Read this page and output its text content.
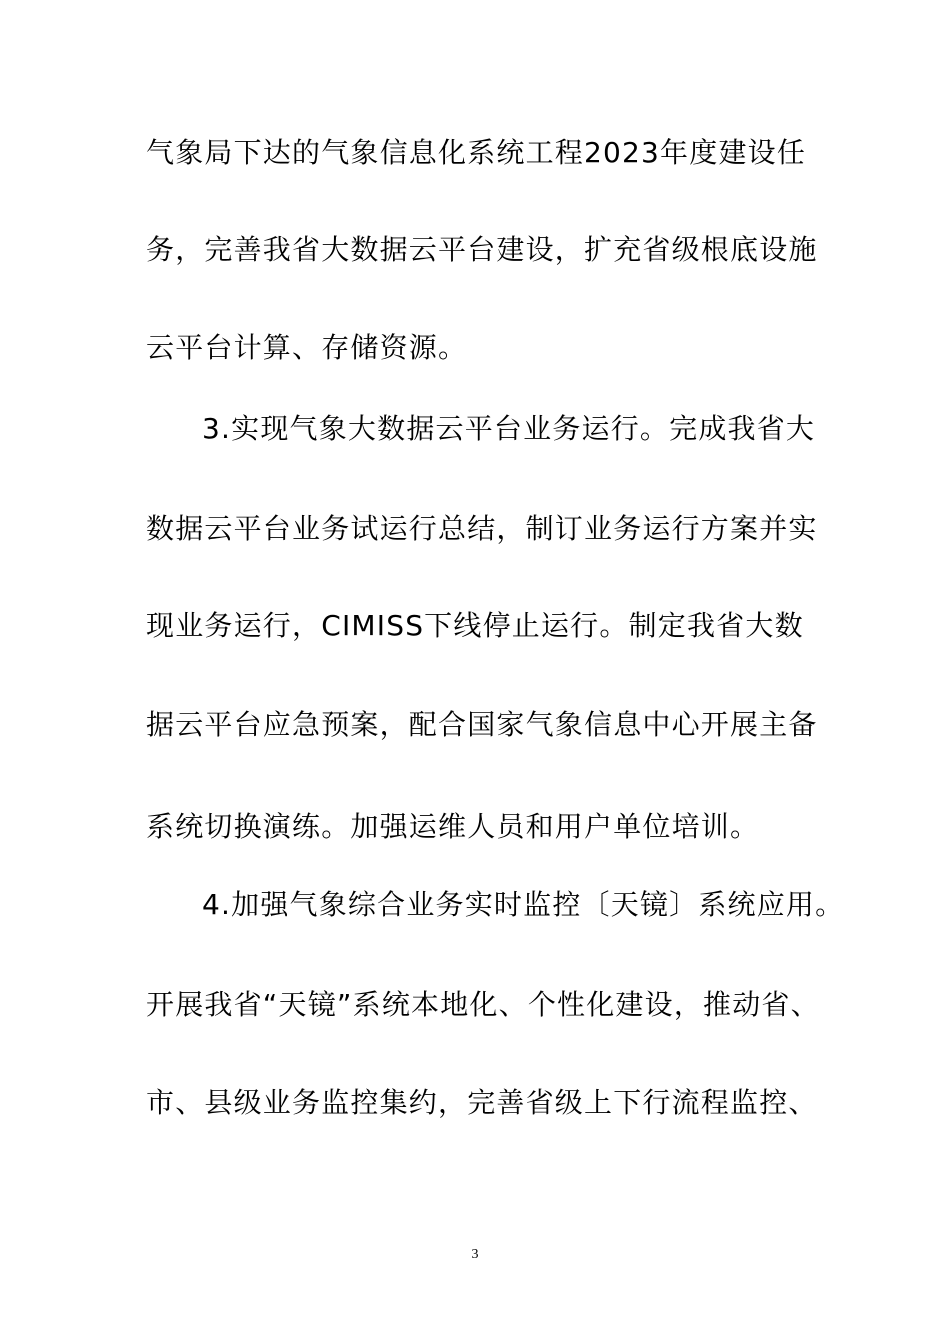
气象局下达的气象信息化系统工程2023年度建设任
务，完善我省大数据云平台建设，扩充省级根底设施
云平台计算、存储资源。
3.实现气象大数据云平台业务运行。完成我省大
数据云平台业务试运行总结，制订业务运行方案并实
现业务运行，CIMISS下线停止运行。制定我省大数
据云平台应急预案，配合国家气象信息中心开展主备
系统切换演练。加强运维人员和用户单位培训。
4.加强气象综合业务实时监控〔天镜〕系统应用。
开展我省“天镜”系统本地化、个性化建设，推动省、
市、县级业务监控集约，完善省级上下行流程监控、
3
